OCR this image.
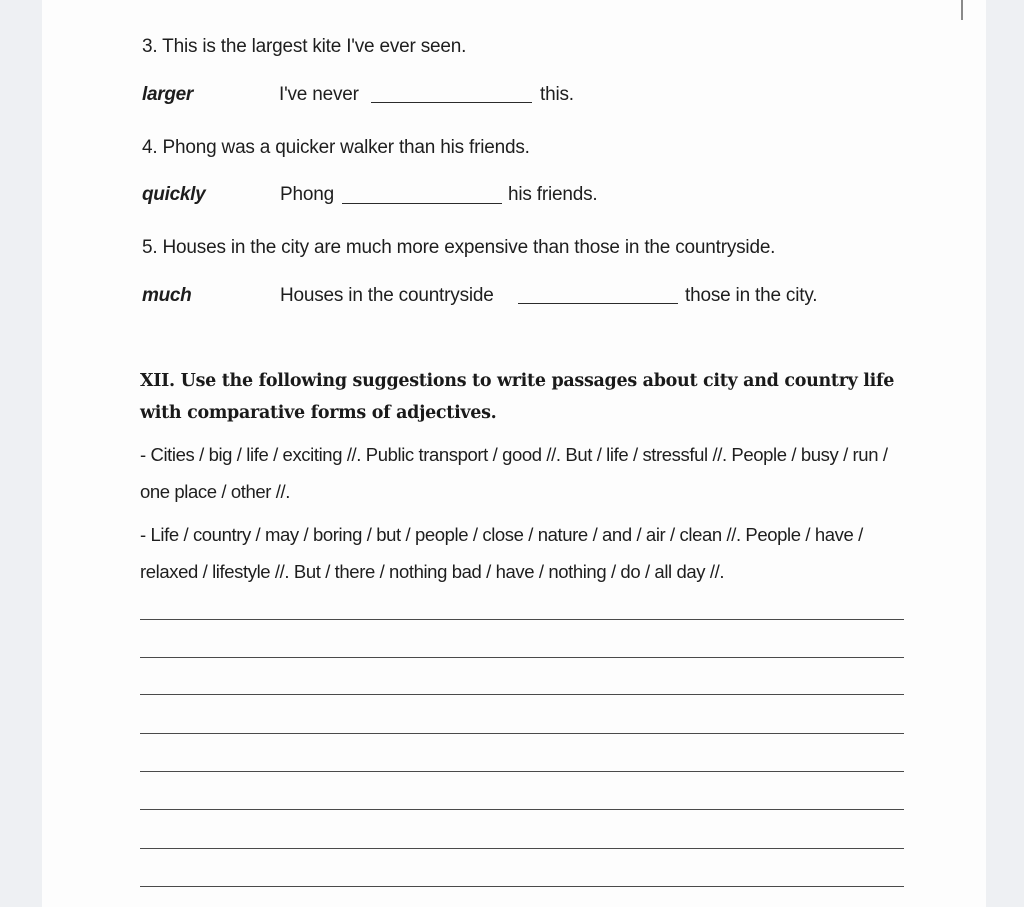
3. This is the largest kite I've ever seen.
larger	I've never	this.
4. Phong was a quicker walker than his friends.
quickly	Phong	his friends.
5. Houses in the city are much more expensive than those in the countryside.
much	Houses in the countryside	those in the city.
XII. Use the following suggestions to write passages about city and country life with comparative forms of adjectives.
- Cities / big / life / exciting //. Public transport / good //. But / life / stressful //. People / busy / run / one place / other //.
- Life / country / may / boring / but / people / close / nature / and / air / clean //. People / have / relaxed / lifestyle //. But / there / nothing bad / have / nothing / do / all day //.
